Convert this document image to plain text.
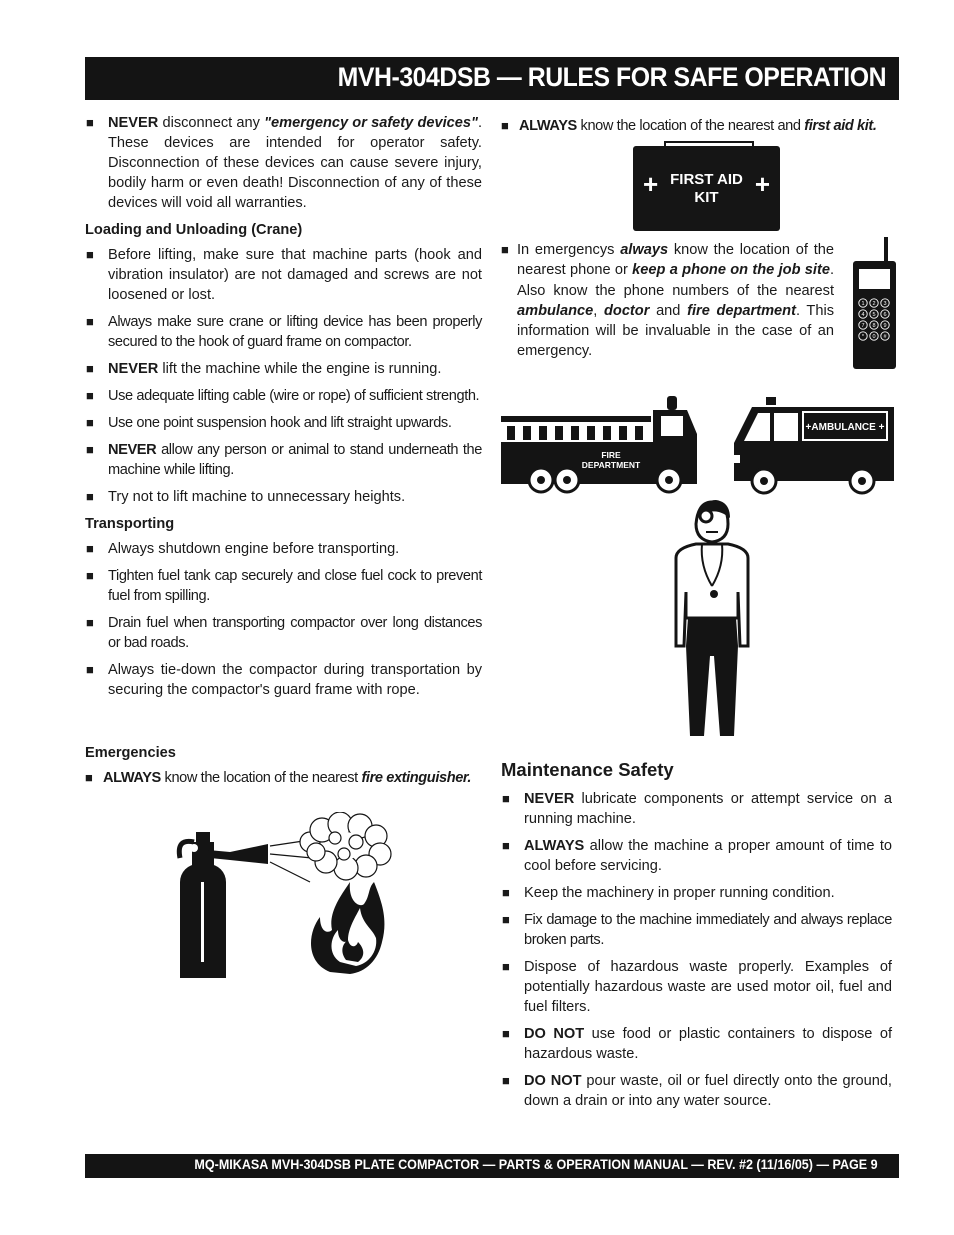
MVH-304DSB — RULES FOR SAFE OPERATION
■ NEVER disconnect any "emergency or safety devices". These devices are intended for operator safety. Disconnection of these devices can cause severe injury, bodily harm or even death! Disconnection of any of these devices will void all warranties.
Loading and Unloading (Crane)
■ Before lifting, make sure that machine parts (hook and vibration insulator) are not damaged and screws are not loosened or lost.
■ Always make sure crane or lifting device has been properly secured to the hook of guard frame on compactor.
■ NEVER lift the machine while the engine is running.
■ Use adequate lifting cable (wire or rope) of sufficient strength.
■ Use one point suspension hook and lift straight upwards.
■ NEVER allow any person or animal to stand underneath the machine while lifting.
■ Try not to lift machine to unnecessary heights.
Transporting
■ Always shutdown engine before transporting.
■ Tighten fuel tank cap securely and close fuel cock to prevent fuel from spilling.
■ Drain fuel when transporting compactor over long distances or bad roads.
■ Always tie-down the compactor during transportation by securing the compactor's guard frame with rope.
Emergencies
■ ALWAYS know the location of the nearest fire extinguisher.
■ ALWAYS know the location of the nearest and first aid kit.
+	+
FIRST AID
KIT
■ In emergencys always know the location of the nearest phone or keep a phone on the job site. Also know the phone numbers of the nearest ambulance, doctor and fire department. This information will be invaluable in the case of an emergency.
1 2 3
4 5 6
7 8 9
* 0 #
FIRE
DEPARTMENT
+AMBULANCE +
Maintenance Safety
■ NEVER lubricate components or attempt service on a running machine.
■ ALWAYS allow the machine a proper amount of time to cool before servicing.
■ Keep the machinery in proper running condition.
■ Fix damage to the machine immediately and always replace broken parts.
■ Dispose of hazardous waste properly. Examples of potentially hazardous waste are used motor oil, fuel and fuel filters.
■ DO NOT use food or plastic containers to dispose of hazardous waste.
■ DO NOT pour waste, oil or fuel directly onto the ground, down a drain or into any water source.
MQ-MIKASA MVH-304DSB PLATE COMPACTOR — PARTS & OPERATION MANUAL — REV. #2 (11/16/05) — PAGE 9
